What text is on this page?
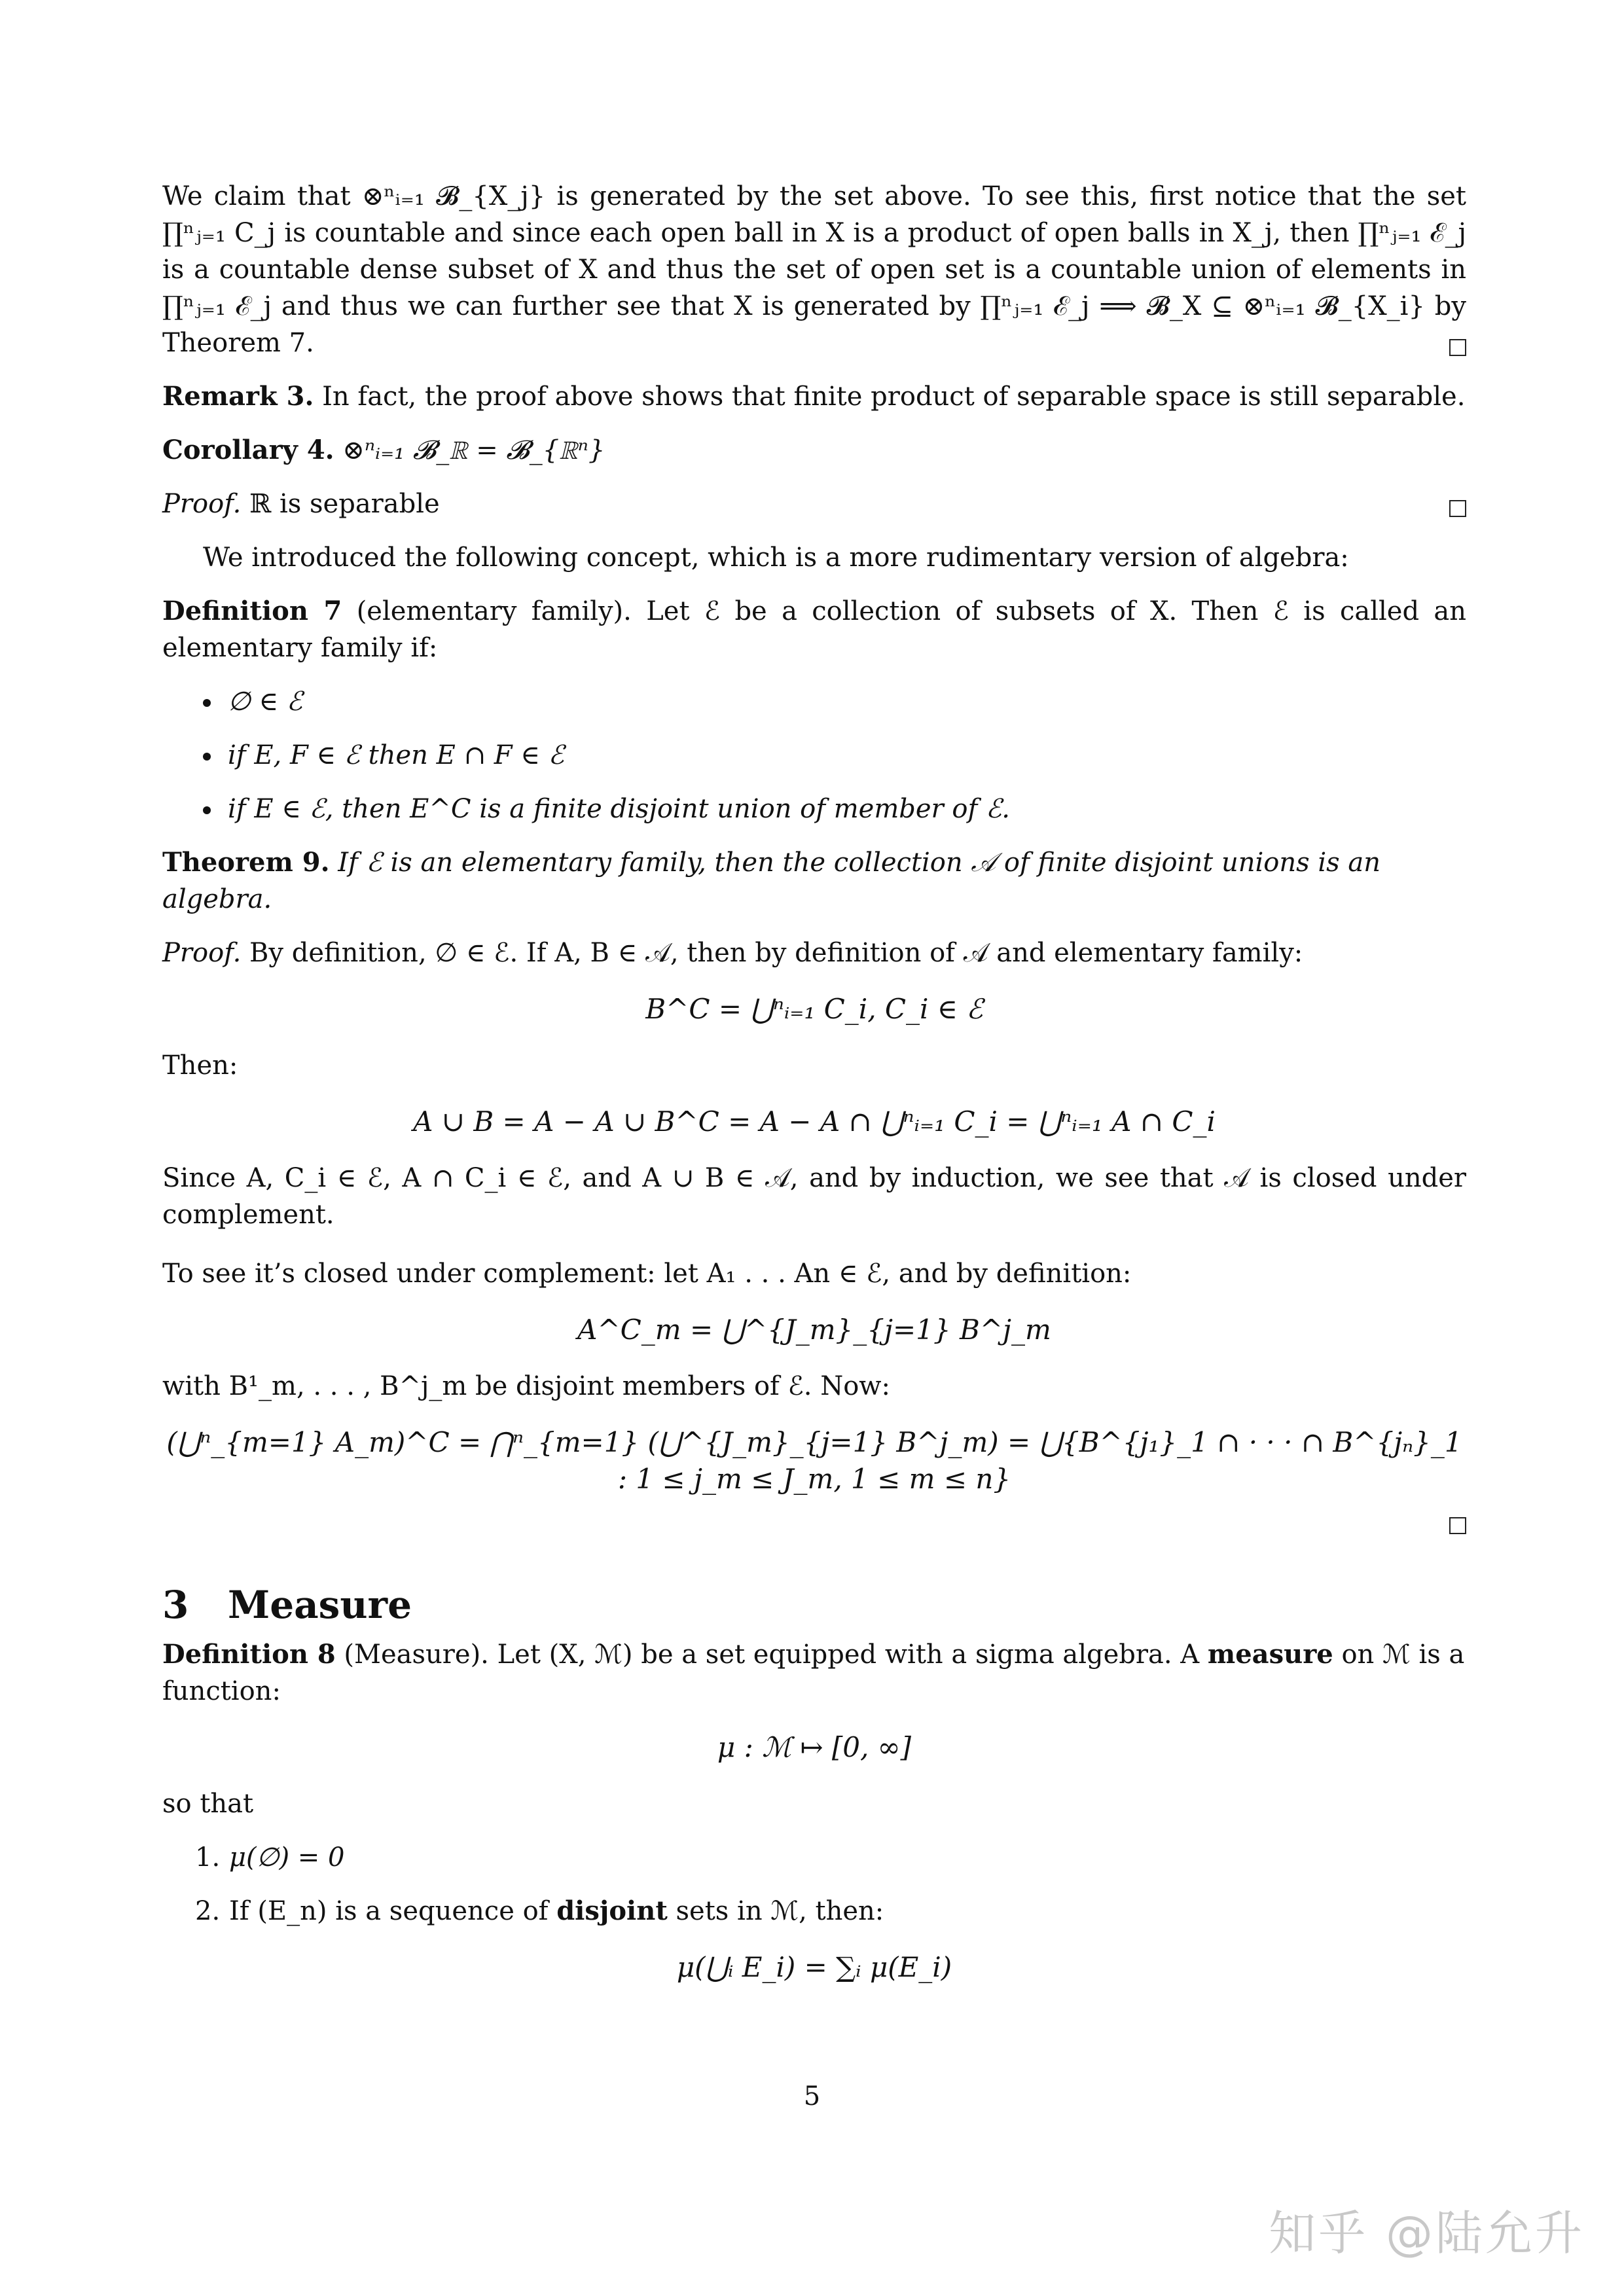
We claim that ⊗ⁿᵢ₌₁ 𝓑_{X_j} is generated by the set above. To see this, first notice that the set ∏ⁿⱼ₌₁ C_j is countable and since each open ball in X is a product of open balls in X_j, then ∏ⁿⱼ₌₁ ℰ_j is a countable dense subset of X and thus the set of open set is a countable union of elements in ∏ⁿⱼ₌₁ ℰ_j and thus we can further see that X is generated by ∏ⁿⱼ₌₁ ℰ_j ⟹ 𝓑_X ⊆ ⊗ⁿᵢ₌₁ 𝓑_{X_i} by Theorem 7.

Remark 3. In fact, the proof above shows that finite product of separable space is still separable.

Corollary 4. ⊗ⁿᵢ₌₁ 𝓑_ℝ = 𝓑_{ℝⁿ}

Proof. ℝ is separable

We introduced the following concept, which is a more rudimentary version of algebra:

Definition 7 (elementary family). Let ℰ be a collection of subsets of X. Then ℰ is called an elementary family if:

∅ ∈ ℰ
if E, F ∈ ℰ then E ∩ F ∈ ℰ
if E ∈ ℰ, then E^C is a finite disjoint union of member of ℰ.

Theorem 9. If ℰ is an elementary family, then the collection 𝒜 of finite disjoint unions is an algebra.

Proof. By definition, ∅ ∈ ℰ. If A, B ∈ 𝒜, then by definition of 𝒜 and elementary family:

B^C = ⋃ⁿᵢ₌₁ C_i, C_i ∈ ℰ

Then:

A ∪ B = A − A ∪ B^C = A − A ∩ ⋃ⁿᵢ₌₁ C_i = ⋃ⁿᵢ₌₁ A ∩ C_i

Since A, C_i ∈ ℰ, A ∩ C_i ∈ ℰ, and A ∪ B ∈ 𝒜, and by induction, we see that 𝒜 is closed under complement.

To see it’s closed under complement: let A₁ . . . An ∈ ℰ, and by definition:

A^C_m = ⋃^{J_m}_{j=1} B^j_m

with B¹_m, . . . , B^j_m be disjoint members of ℰ. Now:

(⋃ⁿ_{m=1} A_m)^C = ⋂ⁿ_{m=1} (⋃^{J_m}_{j=1} B^j_m) = ⋃{B^{j₁}_1 ∩ · · · ∩ B^{jₙ}_1 : 1 ≤ j_m ≤ J_m, 1 ≤ m ≤ n}
3 Measure

Definition 8 (Measure). Let (X, ℳ) be a set equipped with a sigma algebra. A measure on ℳ is a function:

μ : ℳ ↦ [0, ∞]

so that

1. μ(∅) = 0
2. If (E_n) is a sequence of disjoint sets in ℳ, then:
μ(⋃ᵢ E_i) = ∑ᵢ μ(E_i)
5
知乎 @陆允升
